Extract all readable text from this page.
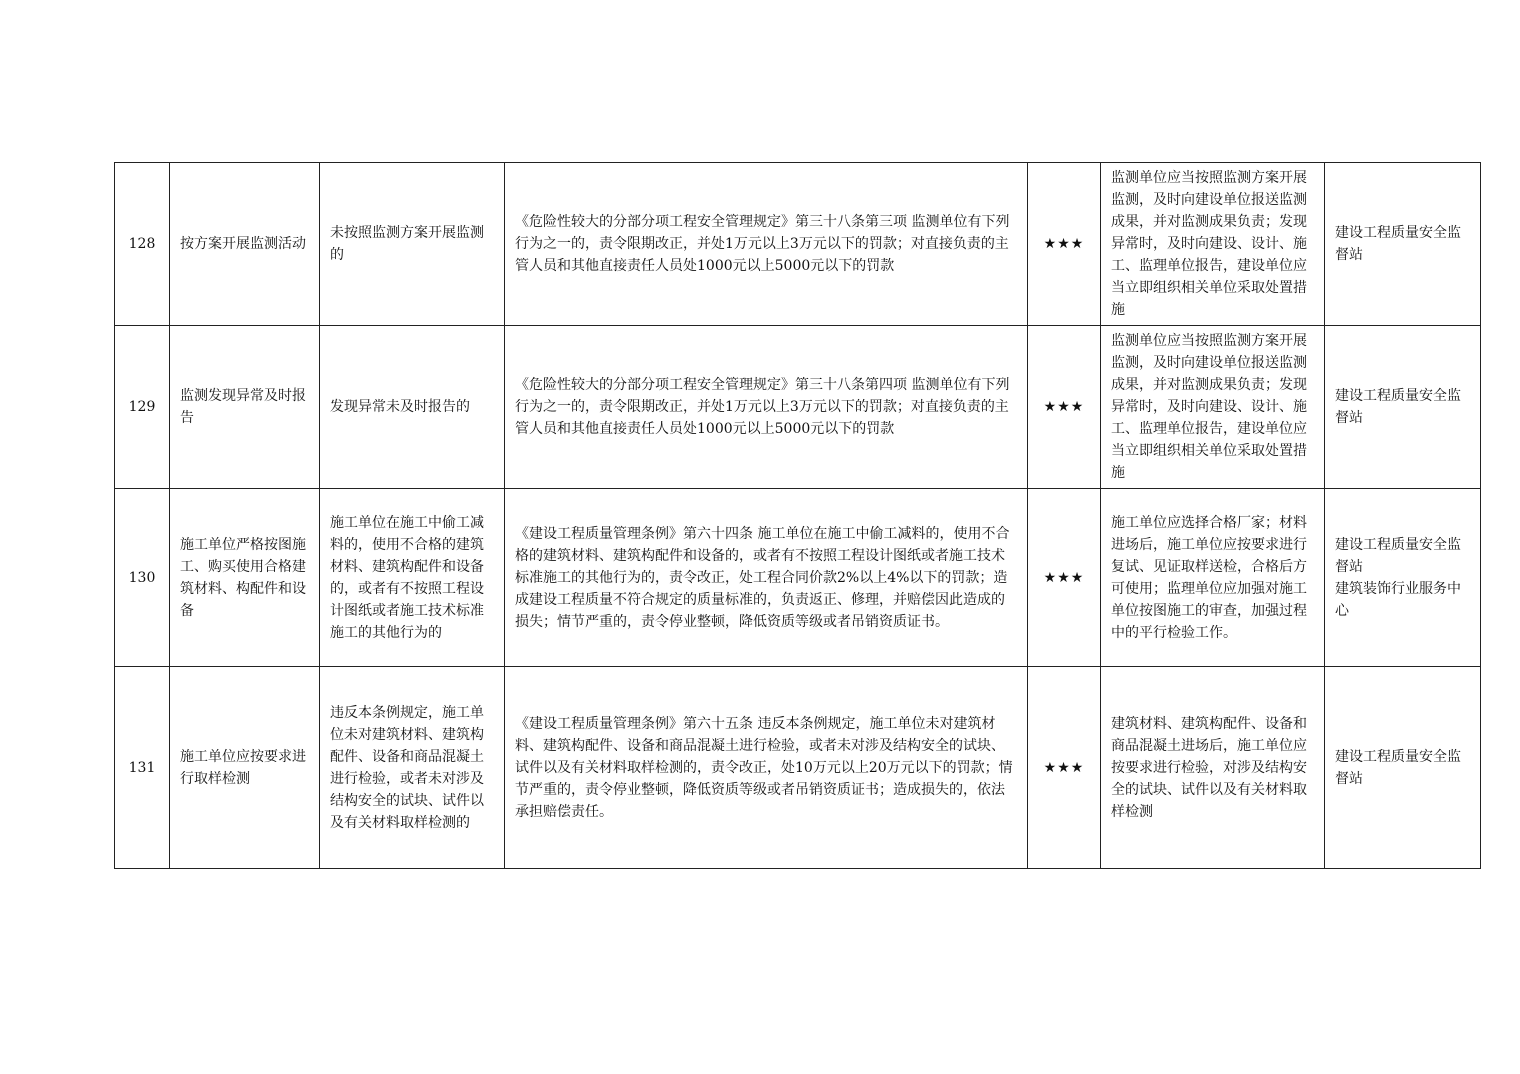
128	按方案开展监测活动	未按照监测方案开展监测的	《危险性较大的分部分项工程安全管理规定》第三十八条第三项 监测单位有下列行为之一的，责令限期改正，并处1万元以上3万元以下的罚款；对直接负责的主管人员和其他直接责任人员处1000元以上5000元以下的罚款	★★★	监测单位应当按照监测方案开展监测，及时向建设单位报送监测成果，并对监测成果负责；发现异常时，及时向建设、设计、施工、监理单位报告，建设单位应当立即组织相关单位采取处置措施	建设工程质量安全监督站

129	监测发现异常及时报告	发现异常未及时报告的	《危险性较大的分部分项工程安全管理规定》第三十八条第四项 监测单位有下列行为之一的，责令限期改正，并处1万元以上3万元以下的罚款；对直接负责的主管人员和其他直接责任人员处1000元以上5000元以下的罚款	★★★	监测单位应当按照监测方案开展监测，及时向建设单位报送监测成果，并对监测成果负责；发现异常时，及时向建设、设计、施工、监理单位报告，建设单位应当立即组织相关单位采取处置措施	建设工程质量安全监督站

130	施工单位严格按图施工、购买使用合格建筑材料、构配件和设备	施工单位在施工中偷工减料的，使用不合格的建筑材料、建筑构配件和设备的，或者有不按照工程设计图纸或者施工技术标准施工的其他行为的	《建设工程质量管理条例》第六十四条 施工单位在施工中偷工减料的，使用不合格的建筑材料、建筑构配件和设备的，或者有不按照工程设计图纸或者施工技术标准施工的其他行为的，责令改正，处工程合同价款2%以上4%以下的罚款；造成建设工程质量不符合规定的质量标准的，负责返正、修理，并赔偿因此造成的损失；情节严重的，责令停业整顿，降低资质等级或者吊销资质证书。	★★★	施工单位应选择合格厂家；材料进场后，施工单位应按要求进行复试、见证取样送检，合格后方可使用；监理单位应加强对施工单位按图施工的审查，加强过程中的平行检验工作。	建设工程质量安全监督站
建筑装饰行业服务中心

131	施工单位应按要求进行取样检测	违反本条例规定，施工单位未对建筑材料、建筑构配件、设备和商品混凝土进行检验，或者未对涉及结构安全的试块、试件以及有关材料取样检测的	《建设工程质量管理条例》第六十五条 违反本条例规定，施工单位未对建筑材料、建筑构配件、设备和商品混凝土进行检验，或者未对涉及结构安全的试块、试件以及有关材料取样检测的，责令改正，处10万元以上20万元以下的罚款；情节严重的，责令停业整顿，降低资质等级或者吊销资质证书；造成损失的，依法承担赔偿责任。	★★★	建筑材料、建筑构配件、设备和商品混凝土进场后，施工单位应按要求进行检验，对涉及结构安全的试块、试件以及有关材料取样检测	建设工程质量安全监督站
